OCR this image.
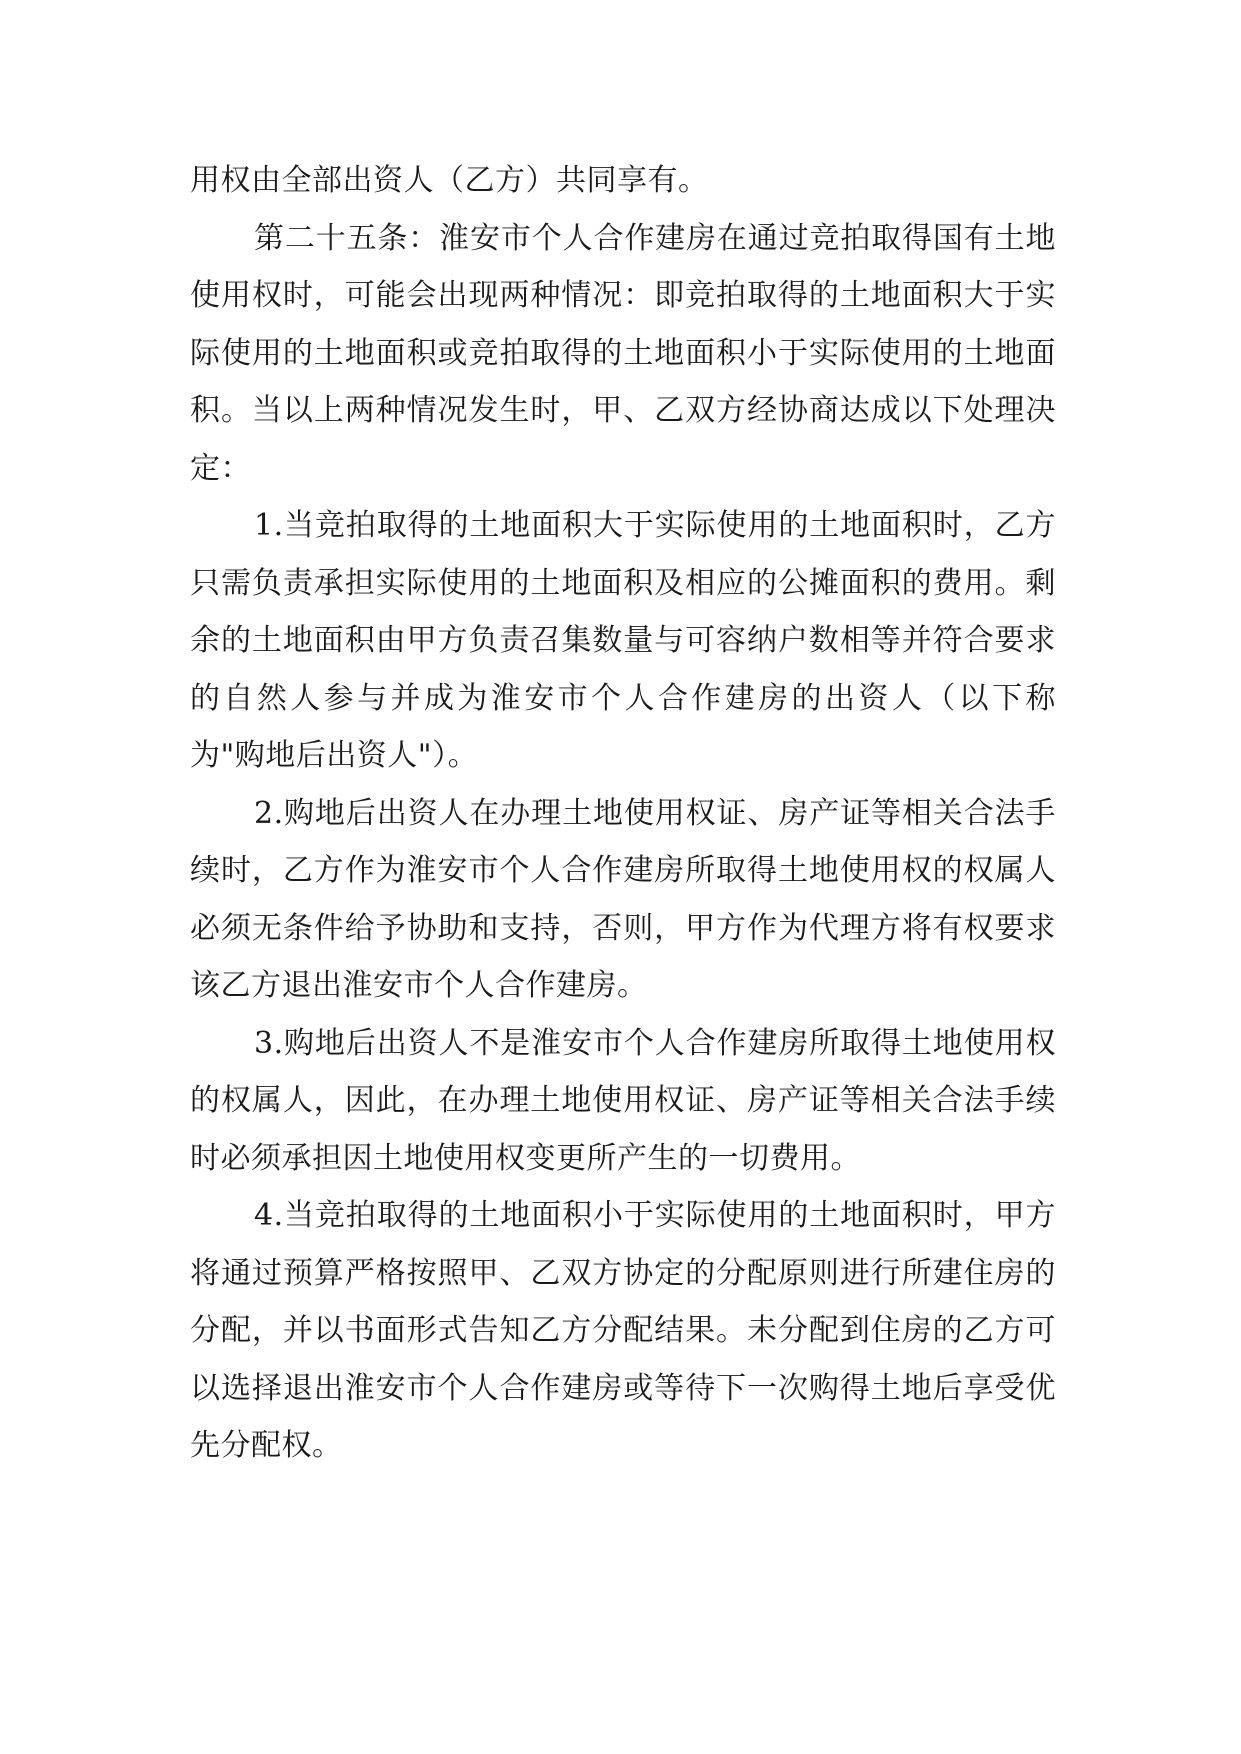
用权由全部出资人（乙方）共同享有。

第二十五条：淮安市个人合作建房在通过竞拍取得国有土地使用权时，可能会出现两种情况：即竞拍取得的土地面积大于实际使用的土地面积或竞拍取得的土地面积小于实际使用的土地面积。当以上两种情况发生时，甲、乙双方经协商达成以下处理决定：

1.当竞拍取得的土地面积大于实际使用的土地面积时，乙方只需负责承担实际使用的土地面积及相应的公摊面积的费用。剩余的土地面积由甲方负责召集数量与可容纳户数相等并符合要求的自然人参与并成为淮安市个人合作建房的出资人（以下称为"购地后出资人"）。

2.购地后出资人在办理土地使用权证、房产证等相关合法手续时，乙方作为淮安市个人合作建房所取得土地使用权的权属人必须无条件给予协助和支持，否则，甲方作为代理方将有权要求该乙方退出淮安市个人合作建房。

3.购地后出资人不是淮安市个人合作建房所取得土地使用权的权属人，因此，在办理土地使用权证、房产证等相关合法手续时必须承担因土地使用权变更所产生的一切费用。

4.当竞拍取得的土地面积小于实际使用的土地面积时，甲方将通过预算严格按照甲、乙双方协定的分配原则进行所建住房的分配，并以书面形式告知乙方分配结果。未分配到住房的乙方可以选择退出淮安市个人合作建房或等待下一次购得土地后享受优先分配权。
